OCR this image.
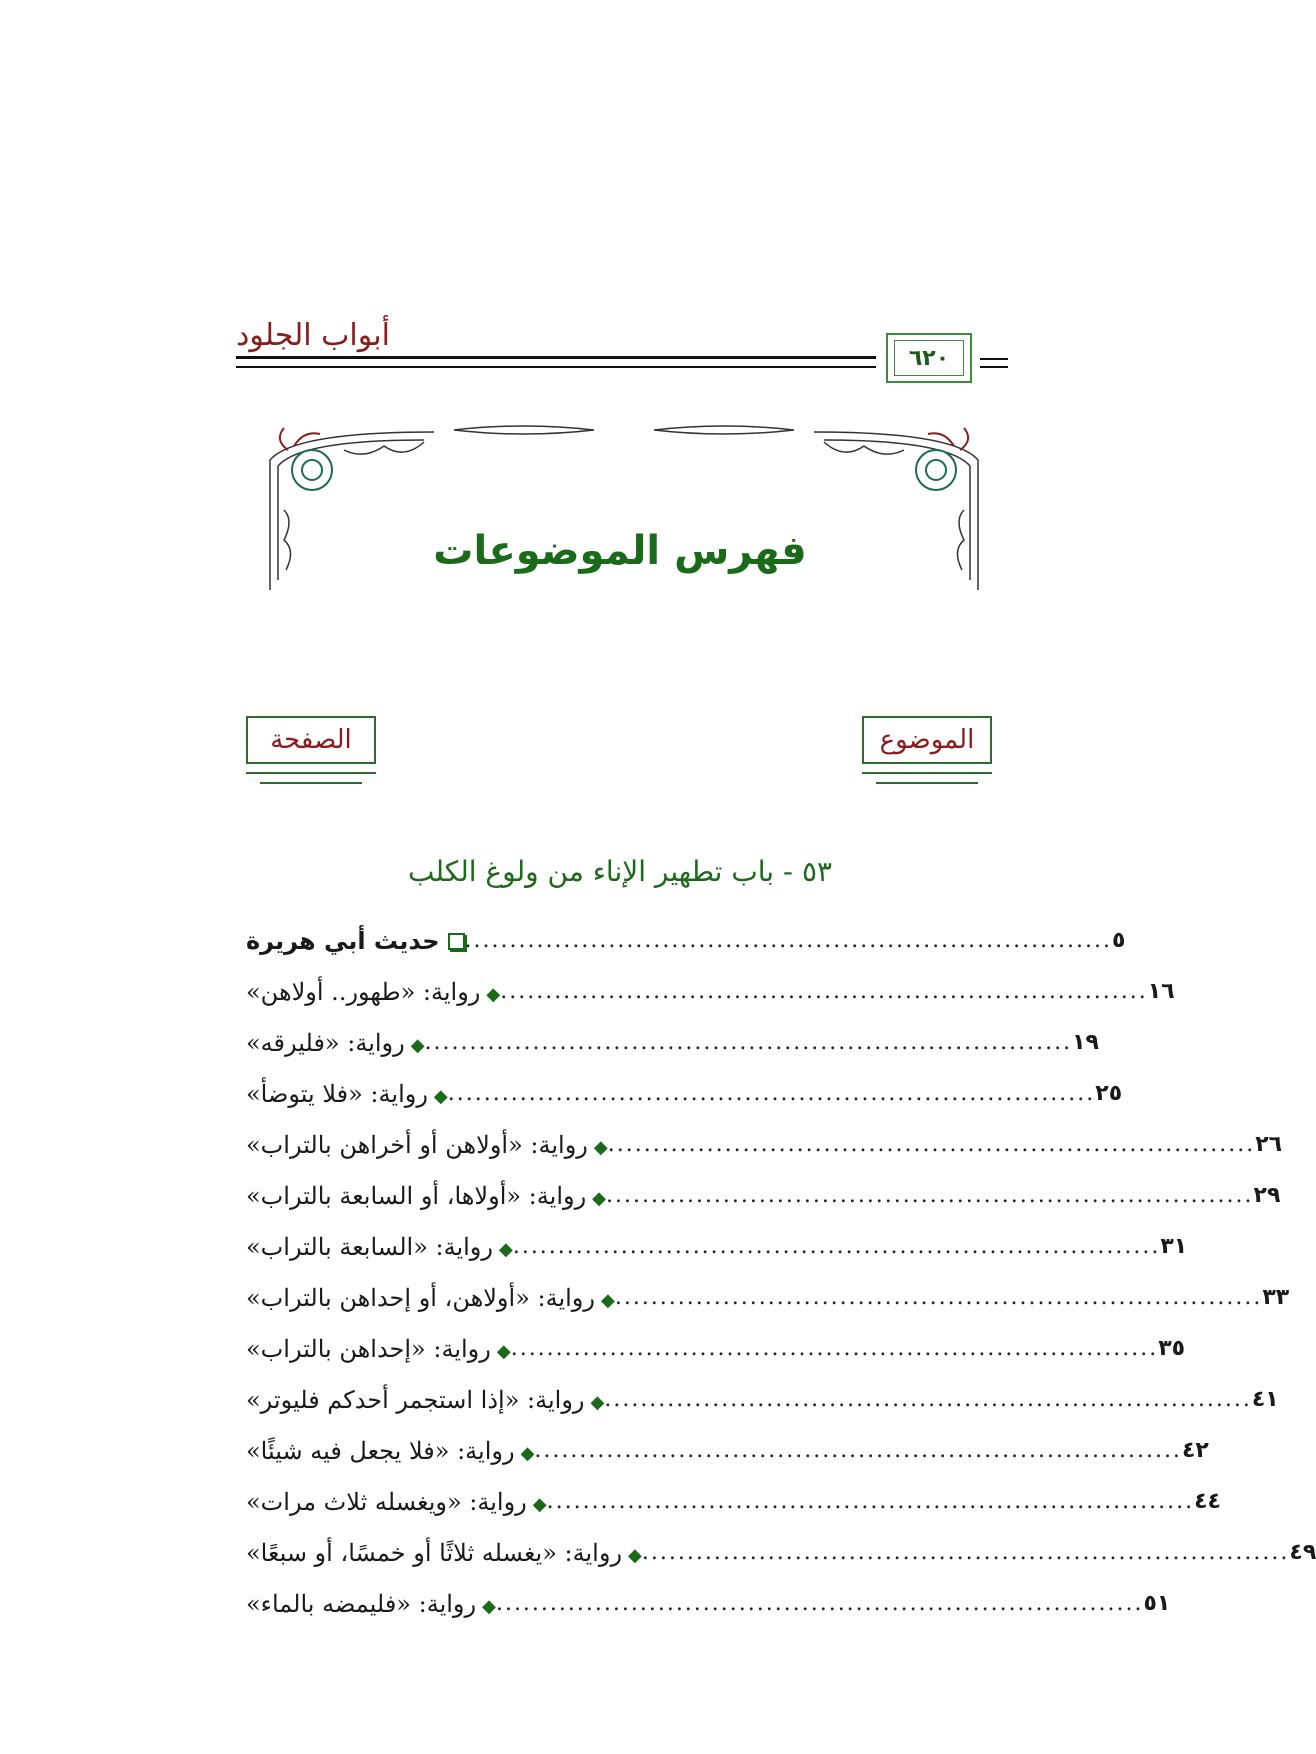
أبواب الجلود
٦٢٠
فهرس الموضوعات
الموضوع
الصفحة
٥٣ - باب تطهير الإناء من ولوغ الكلب
حديث أبي هريرة	........................................................................ ٥
◆رواية: «طهور.. أولاهن» ........................................................................ ١٦
◆رواية: «فليرقه» ........................................................................ ١٩
◆رواية: «فلا يتوضأ» ........................................................................ ٢٥
◆رواية: «أولاهن أو أخراهن بالتراب» ........................................................................ ٢٦
◆رواية: «أولاها، أو السابعة بالتراب» ........................................................................ ٢٩
◆رواية: «السابعة بالتراب» ........................................................................ ٣١
◆رواية: «أولاهن، أو إحداهن بالتراب» ........................................................................ ٣٣
◆رواية: «إحداهن بالتراب» ........................................................................ ٣٥
◆رواية: «إذا استجمر أحدكم فليوتر» ........................................................................ ٤١
◆رواية: «فلا يجعل فيه شيئًا» ........................................................................ ٤٢
◆رواية: «ويغسله ثلاث مرات» ........................................................................ ٤٤
◆رواية: «يغسله ثلاثًا أو خمسًا، أو سبعًا» ........................................................................ ٤٩
◆رواية: «فليمضه بالماء» ........................................................................ ٥١
